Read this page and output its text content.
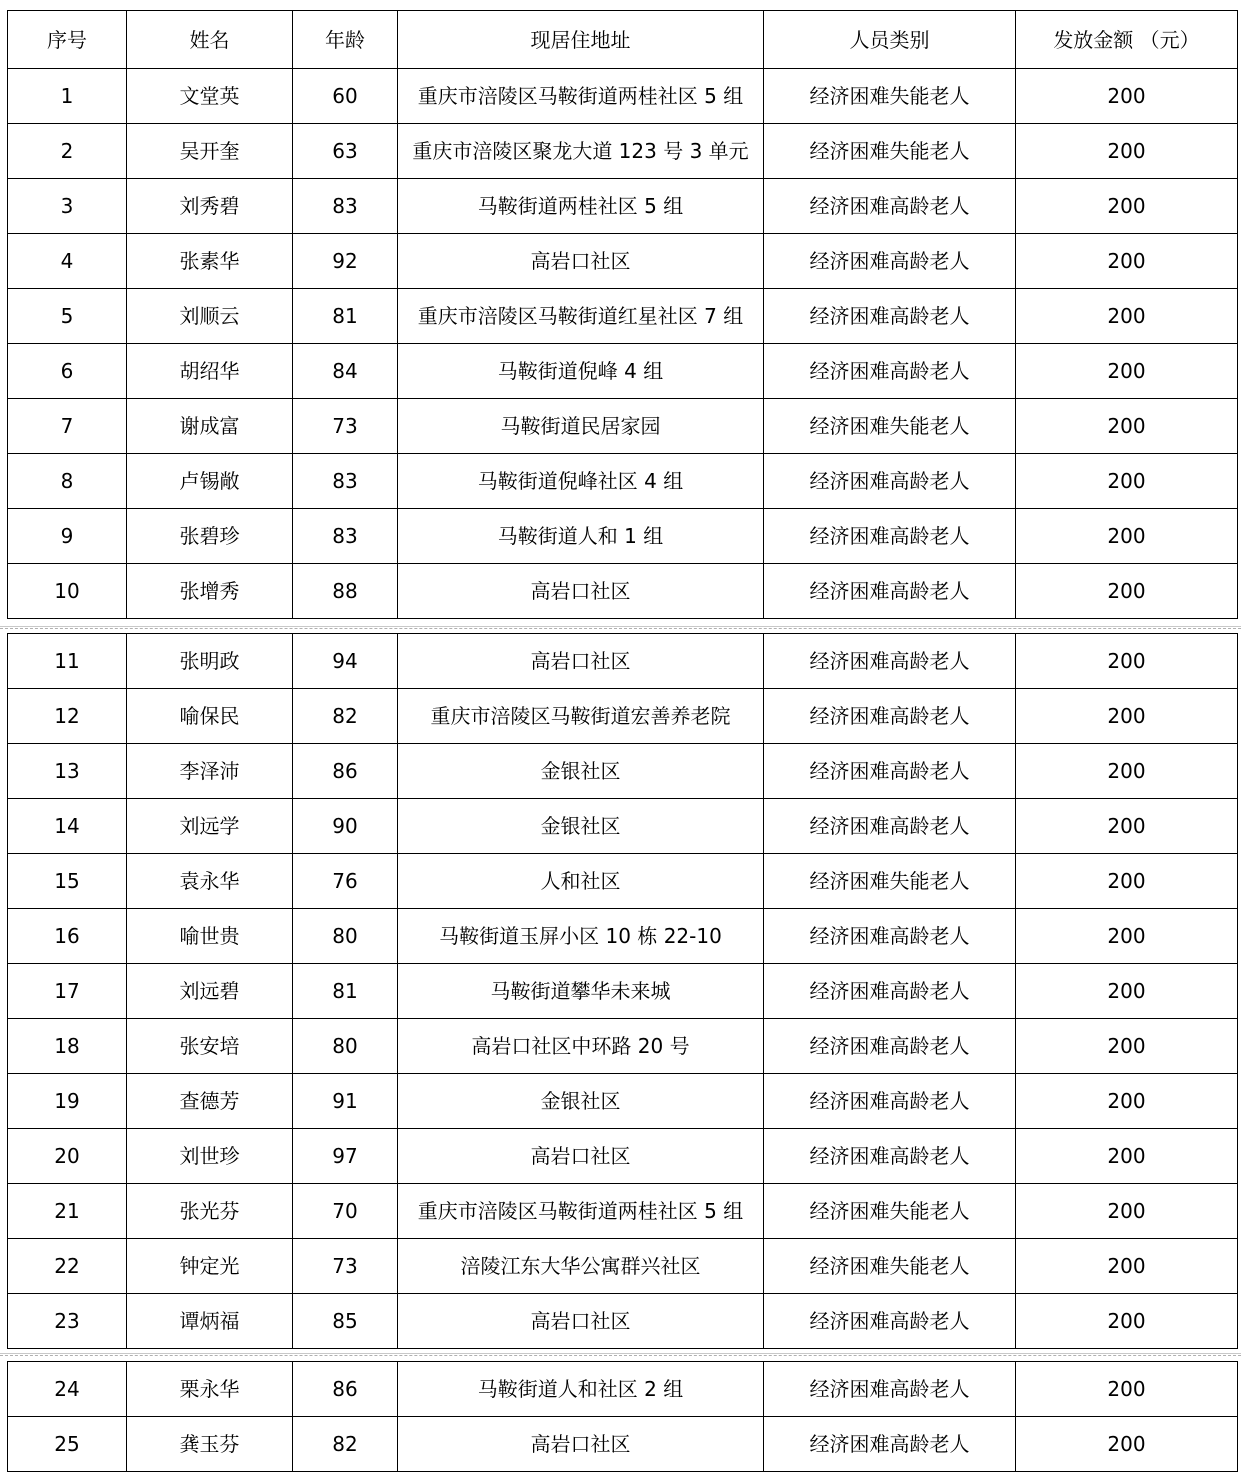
序号	姓名	年龄	现居住地址	人员类别	发放金额 （元）
1	文堂英	60	重庆市涪陵区马鞍街道两桂社区 5 组	经济困难失能老人	200
2	吴开奎	63	重庆市涪陵区聚龙大道 123 号 3 单元	经济困难失能老人	200
3	刘秀碧	83	马鞍街道两桂社区 5 组	经济困难高龄老人	200
4	张素华	92	高岩口社区	经济困难高龄老人	200
5	刘顺云	81	重庆市涪陵区马鞍街道红星社区 7 组	经济困难高龄老人	200
6	胡绍华	84	马鞍街道倪峰 4 组	经济困难高龄老人	200
7	谢成富	73	马鞍街道民居家园	经济困难失能老人	200
8	卢锡敞	83	马鞍街道倪峰社区 4 组	经济困难高龄老人	200
9	张碧珍	83	马鞍街道人和 1 组	经济困难高龄老人	200
10	张增秀	88	高岩口社区	经济困难高龄老人	200
11	张明政	94	高岩口社区	经济困难高龄老人	200
12	喻保民	82	重庆市涪陵区马鞍街道宏善养老院	经济困难高龄老人	200
13	李泽沛	86	金银社区	经济困难高龄老人	200
14	刘远学	90	金银社区	经济困难高龄老人	200
15	袁永华	76	人和社区	经济困难失能老人	200
16	喻世贵	80	马鞍街道玉屏小区 10 栋 22-10	经济困难高龄老人	200
17	刘远碧	81	马鞍街道攀华未来城	经济困难高龄老人	200
18	张安培	80	高岩口社区中环路 20 号	经济困难高龄老人	200
19	查德芳	91	金银社区	经济困难高龄老人	200
20	刘世珍	97	高岩口社区	经济困难高龄老人	200
21	张光芬	70	重庆市涪陵区马鞍街道两桂社区 5 组	经济困难失能老人	200
22	钟定光	73	涪陵江东大华公寓群兴社区	经济困难失能老人	200
23	谭炳福	85	高岩口社区	经济困难高龄老人	200
24	栗永华	86	马鞍街道人和社区 2 组	经济困难高龄老人	200
25	龚玉芬	82	高岩口社区	经济困难高龄老人	200
